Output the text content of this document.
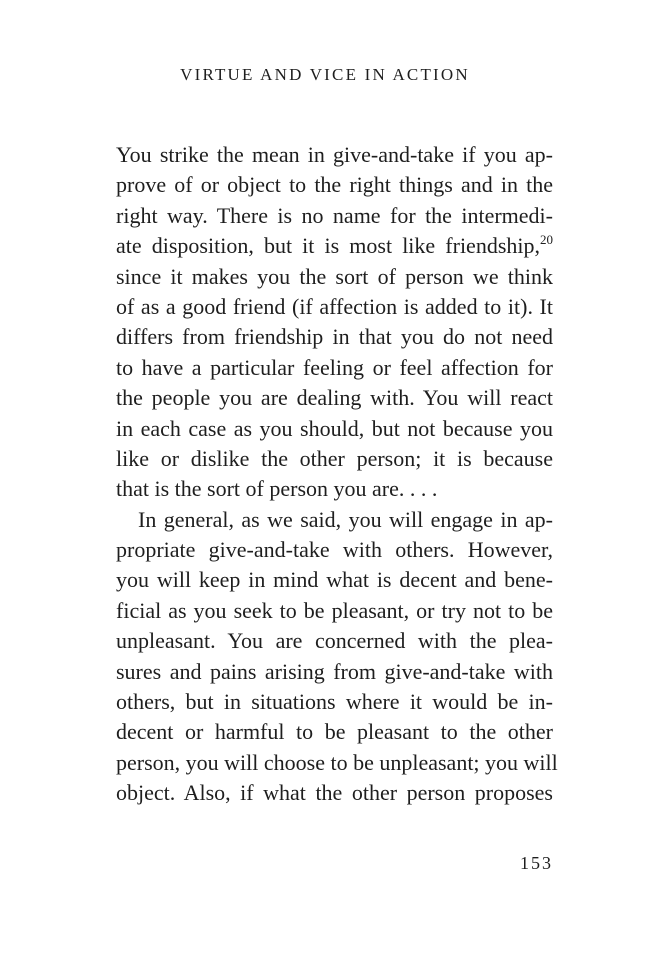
VIRTUE AND VICE IN ACTION
You strike the mean in give-and-take if you ap-
prove of or object to the right things and in the
right way. There is no name for the intermedi-
ate disposition, but it is most like friendship,$^{20}$
since it makes you the sort of person we think
of as a good friend (if affection is added to it). It
differs from friendship in that you do not need
to have a particular feeling or feel affection for
the people you are dealing with. You will react
in each case as you should, but not because you
like or dislike the other person; it is because
that is the sort of person you are. . . .
In general, as we said, you will engage in ap-
propriate give-and-take with others. However,
you will keep in mind what is decent and bene-
ficial as you seek to be pleasant, or try not to be
unpleasant. You are concerned with the plea-
sures and pains arising from give-and-take with
others, but in situations where it would be in-
decent or harmful to be pleasant to the other
person, you will choose to be unpleasant; you will
object. Also, if what the other person proposes
153
